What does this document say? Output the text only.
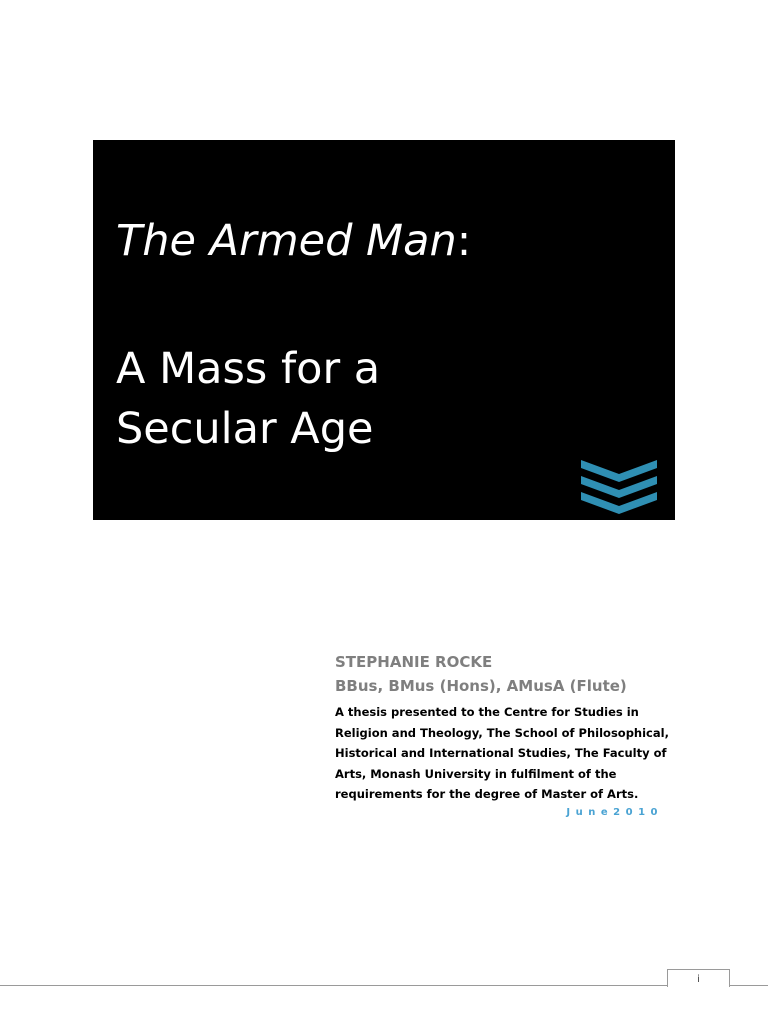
The Armed Man:
A Mass for a
Secular Age
STEPHANIE ROCKE
BBus, BMus (Hons), AMusA (Flute)
A thesis presented to the Centre for Studies in
Religion and Theology, The School of Philosophical,
Historical and International Studies, The Faculty of
Arts, Monash University in fulfilment of the
requirements for the degree of Master of Arts.
June2010
i
